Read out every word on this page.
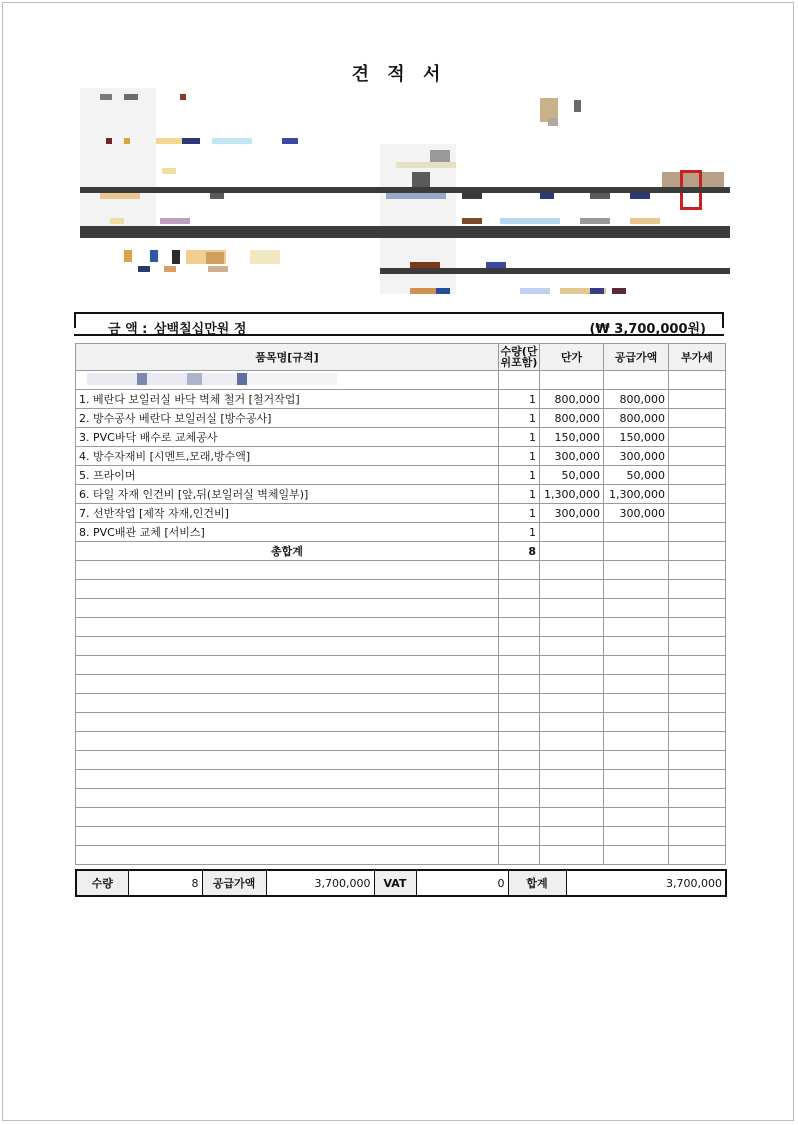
견 적 서
금 액 : 삼백칠십만원 정	(₩ 3,700,000원)
품목명[규격]	수량(단위포함)	단가	공급가액	부가세

1. 베란다 보일러실 바닥 벽체 철거 [철거작업]	1	800,000	800,000	
2. 방수공사 베란다 보일러실 [방수공사]	1	800,000	800,000	
3. PVC바닥 배수로 교체공사	1	150,000	150,000	
4. 방수자재비 [시멘트,모래,방수액]	1	300,000	300,000	
5. 프라이머	1	50,000	50,000	
6. 타일 자재 인건비 [앞,뒤(보일러실 벽체일부)]	1	1,300,000	1,300,000	
7. 선반작업 [제작 자재,인건비]	1	300,000	300,000	
8. PVC배관 교체 [서비스]	1			
총합계	8			

수량	8	공급가액	3,700,000	VAT	0	합계	3,700,000
